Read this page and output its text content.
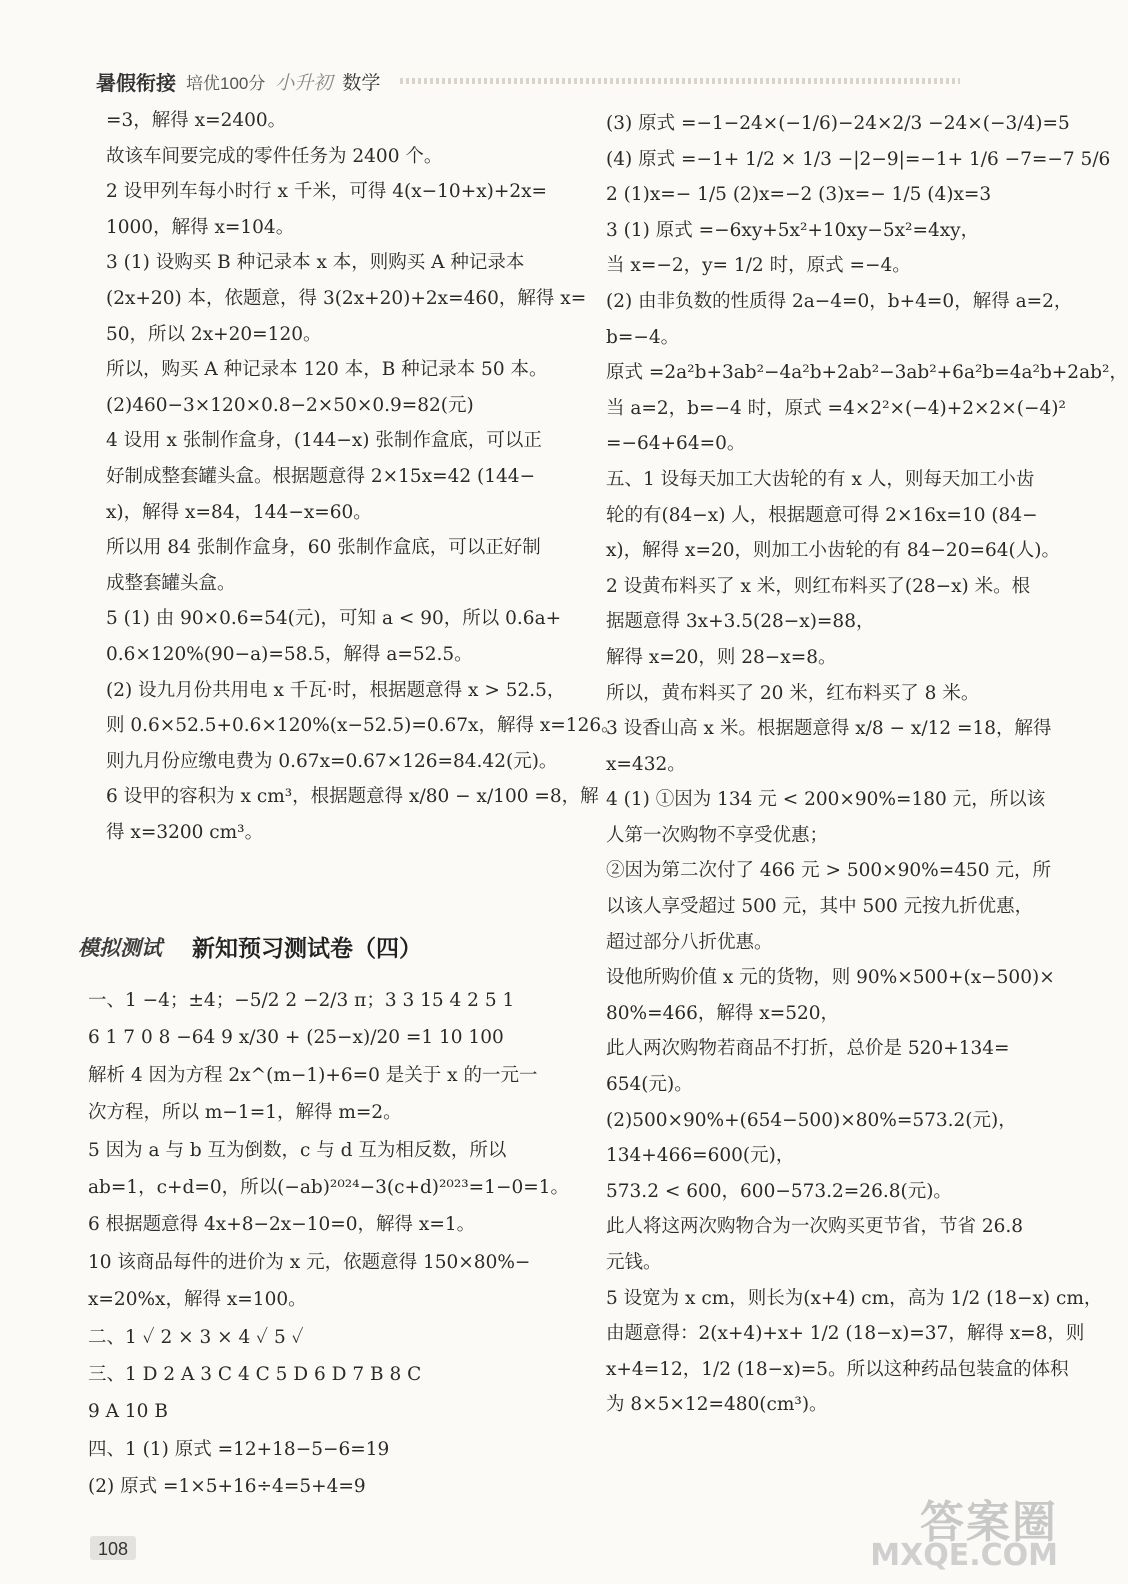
暑假衔接 培优100分 小升初 数学
=3，解得 x=2400。
故该车间要完成的零件任务为 2400 个。
2 设甲列车每小时行 x 千米，可得 4(x−10+x)+2x=
1000，解得 x=104。
3 (1) 设购买 B 种记录本 x 本，则购买 A 种记录本
(2x+20) 本，依题意，得 3(2x+20)+2x=460，解得 x=
50，所以 2x+20=120。
所以，购买 A 种记录本 120 本，B 种记录本 50 本。
(2)460−3×120×0.8−2×50×0.9=82(元)
4 设用 x 张制作盒身，(144−x) 张制作盒底，可以正
好制成整套罐头盒。根据题意得 2×15x=42 (144−
x)，解得 x=84，144−x=60。
所以用 84 张制作盒身，60 张制作盒底，可以正好制
成整套罐头盒。
5 (1) 由 90×0.6=54(元)，可知 a < 90，所以 0.6a+
0.6×120%(90−a)=58.5，解得 a=52.5。
(2) 设九月份共用电 x 千瓦·时，根据题意得 x > 52.5，
则 0.6×52.5+0.6×120%(x−52.5)=0.67x，解得 x=126。
则九月份应缴电费为 0.67x=0.67×126=84.42(元)。
6 设甲的容积为 x cm³，根据题意得 x/80 − x/100 =8，解
得 x=3200 cm³。
模拟测试 新知预习测试卷（四）
一、1 −4；±4；−5/2 2 −2/3 π；3 3 15 4 2 5 1
6 1 7 0 8 −64 9 x/30 + (25−x)/20 =1 10 100
解析 4 因为方程 2x^(m−1)+6=0 是关于 x 的一元一
次方程，所以 m−1=1，解得 m=2。
5 因为 a 与 b 互为倒数，c 与 d 互为相反数，所以
ab=1，c+d=0，所以(−ab)²⁰²⁴−3(c+d)²⁰²³=1−0=1。
6 根据题意得 4x+8−2x−10=0，解得 x=1。
10 该商品每件的进价为 x 元，依题意得 150×80%−
x=20%x，解得 x=100。
二、1 ✓ 2 × 3 × 4 ✓ 5 ✓
三、1 D 2 A 3 C 4 C 5 D 6 D 7 B 8 C
9 A 10 B
四、1 (1) 原式 =12+18−5−6=19
(2) 原式 =1×5+16÷4=5+4=9
(3) 原式 =−1−24×(−1/6)−24×2/3 −24×(−3/4)=5
(4) 原式 =−1+ 1/2 × 1/3 −|2−9|=−1+ 1/6 −7=−7 5/6
2 (1)x=− 1/5 (2)x=−2 (3)x=− 1/5 (4)x=3
3 (1) 原式 =−6xy+5x²+10xy−5x²=4xy，
当 x=−2，y= 1/2 时，原式 =−4。
(2) 由非负数的性质得 2a−4=0，b+4=0，解得 a=2，
b=−4。
原式 =2a²b+3ab²−4a²b+2ab²−3ab²+6a²b=4a²b+2ab²，
当 a=2，b=−4 时，原式 =4×2²×(−4)+2×2×(−4)²
=−64+64=0。
五、1 设每天加工大齿轮的有 x 人，则每天加工小齿
轮的有(84−x) 人，根据题意可得 2×16x=10 (84−
x)，解得 x=20，则加工小齿轮的有 84−20=64(人)。
2 设黄布料买了 x 米，则红布料买了(28−x) 米。根
据题意得 3x+3.5(28−x)=88，
解得 x=20，则 28−x=8。
所以，黄布料买了 20 米，红布料买了 8 米。
3 设香山高 x 米。根据题意得 x/8 − x/12 =18，解得
x=432。
4 (1) ①因为 134 元 < 200×90%=180 元，所以该
人第一次购物不享受优惠；
②因为第二次付了 466 元 > 500×90%=450 元，所
以该人享受超过 500 元，其中 500 元按九折优惠，
超过部分八折优惠。
设他所购价值 x 元的货物，则 90%×500+(x−500)×
80%=466，解得 x=520，
此人两次购物若商品不打折，总价是 520+134=
654(元)。
(2)500×90%+(654−500)×80%=573.2(元)，
134+466=600(元)，
573.2 < 600，600−573.2=26.8(元)。
此人将这两次购物合为一次购买更节省，节省 26.8
元钱。
5 设宽为 x cm，则长为(x+4) cm，高为 1/2 (18−x) cm，
由题意得：2(x+4)+x+ 1/2 (18−x)=37，解得 x=8，则
x+4=12，1/2 (18−x)=5。所以这种药品包装盒的体积
为 8×5×12=480(cm³)。
108
答案圈
MXQE.COM
